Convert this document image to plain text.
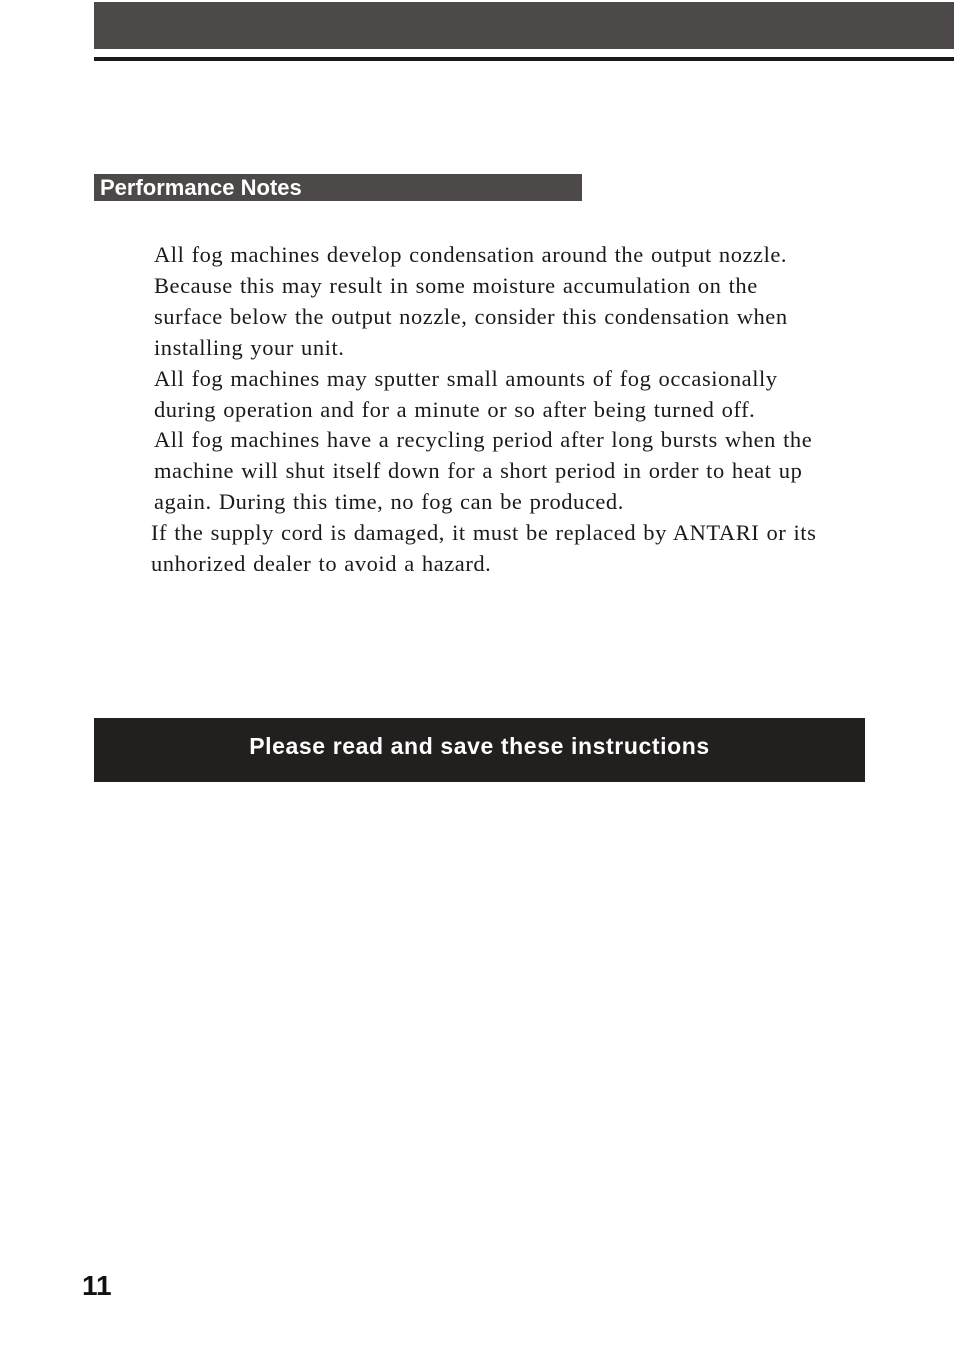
Performance Notes

All fog machines develop condensation around the output nozzle. Because this may result in some moisture accumulation on the surface below the output nozzle, consider this condensation when installing your unit.

All fog machines may sputter small amounts of fog occasionally during operation and for a minute or so after being turned off.

All fog machines have a recycling period after long bursts when the machine will shut itself down for a short period in order to heat up again. During this time, no fog can be produced.

If the supply cord is damaged, it must be replaced by ANTARI or its unhorized dealer to avoid a hazard.

Please read and save these instructions
11
